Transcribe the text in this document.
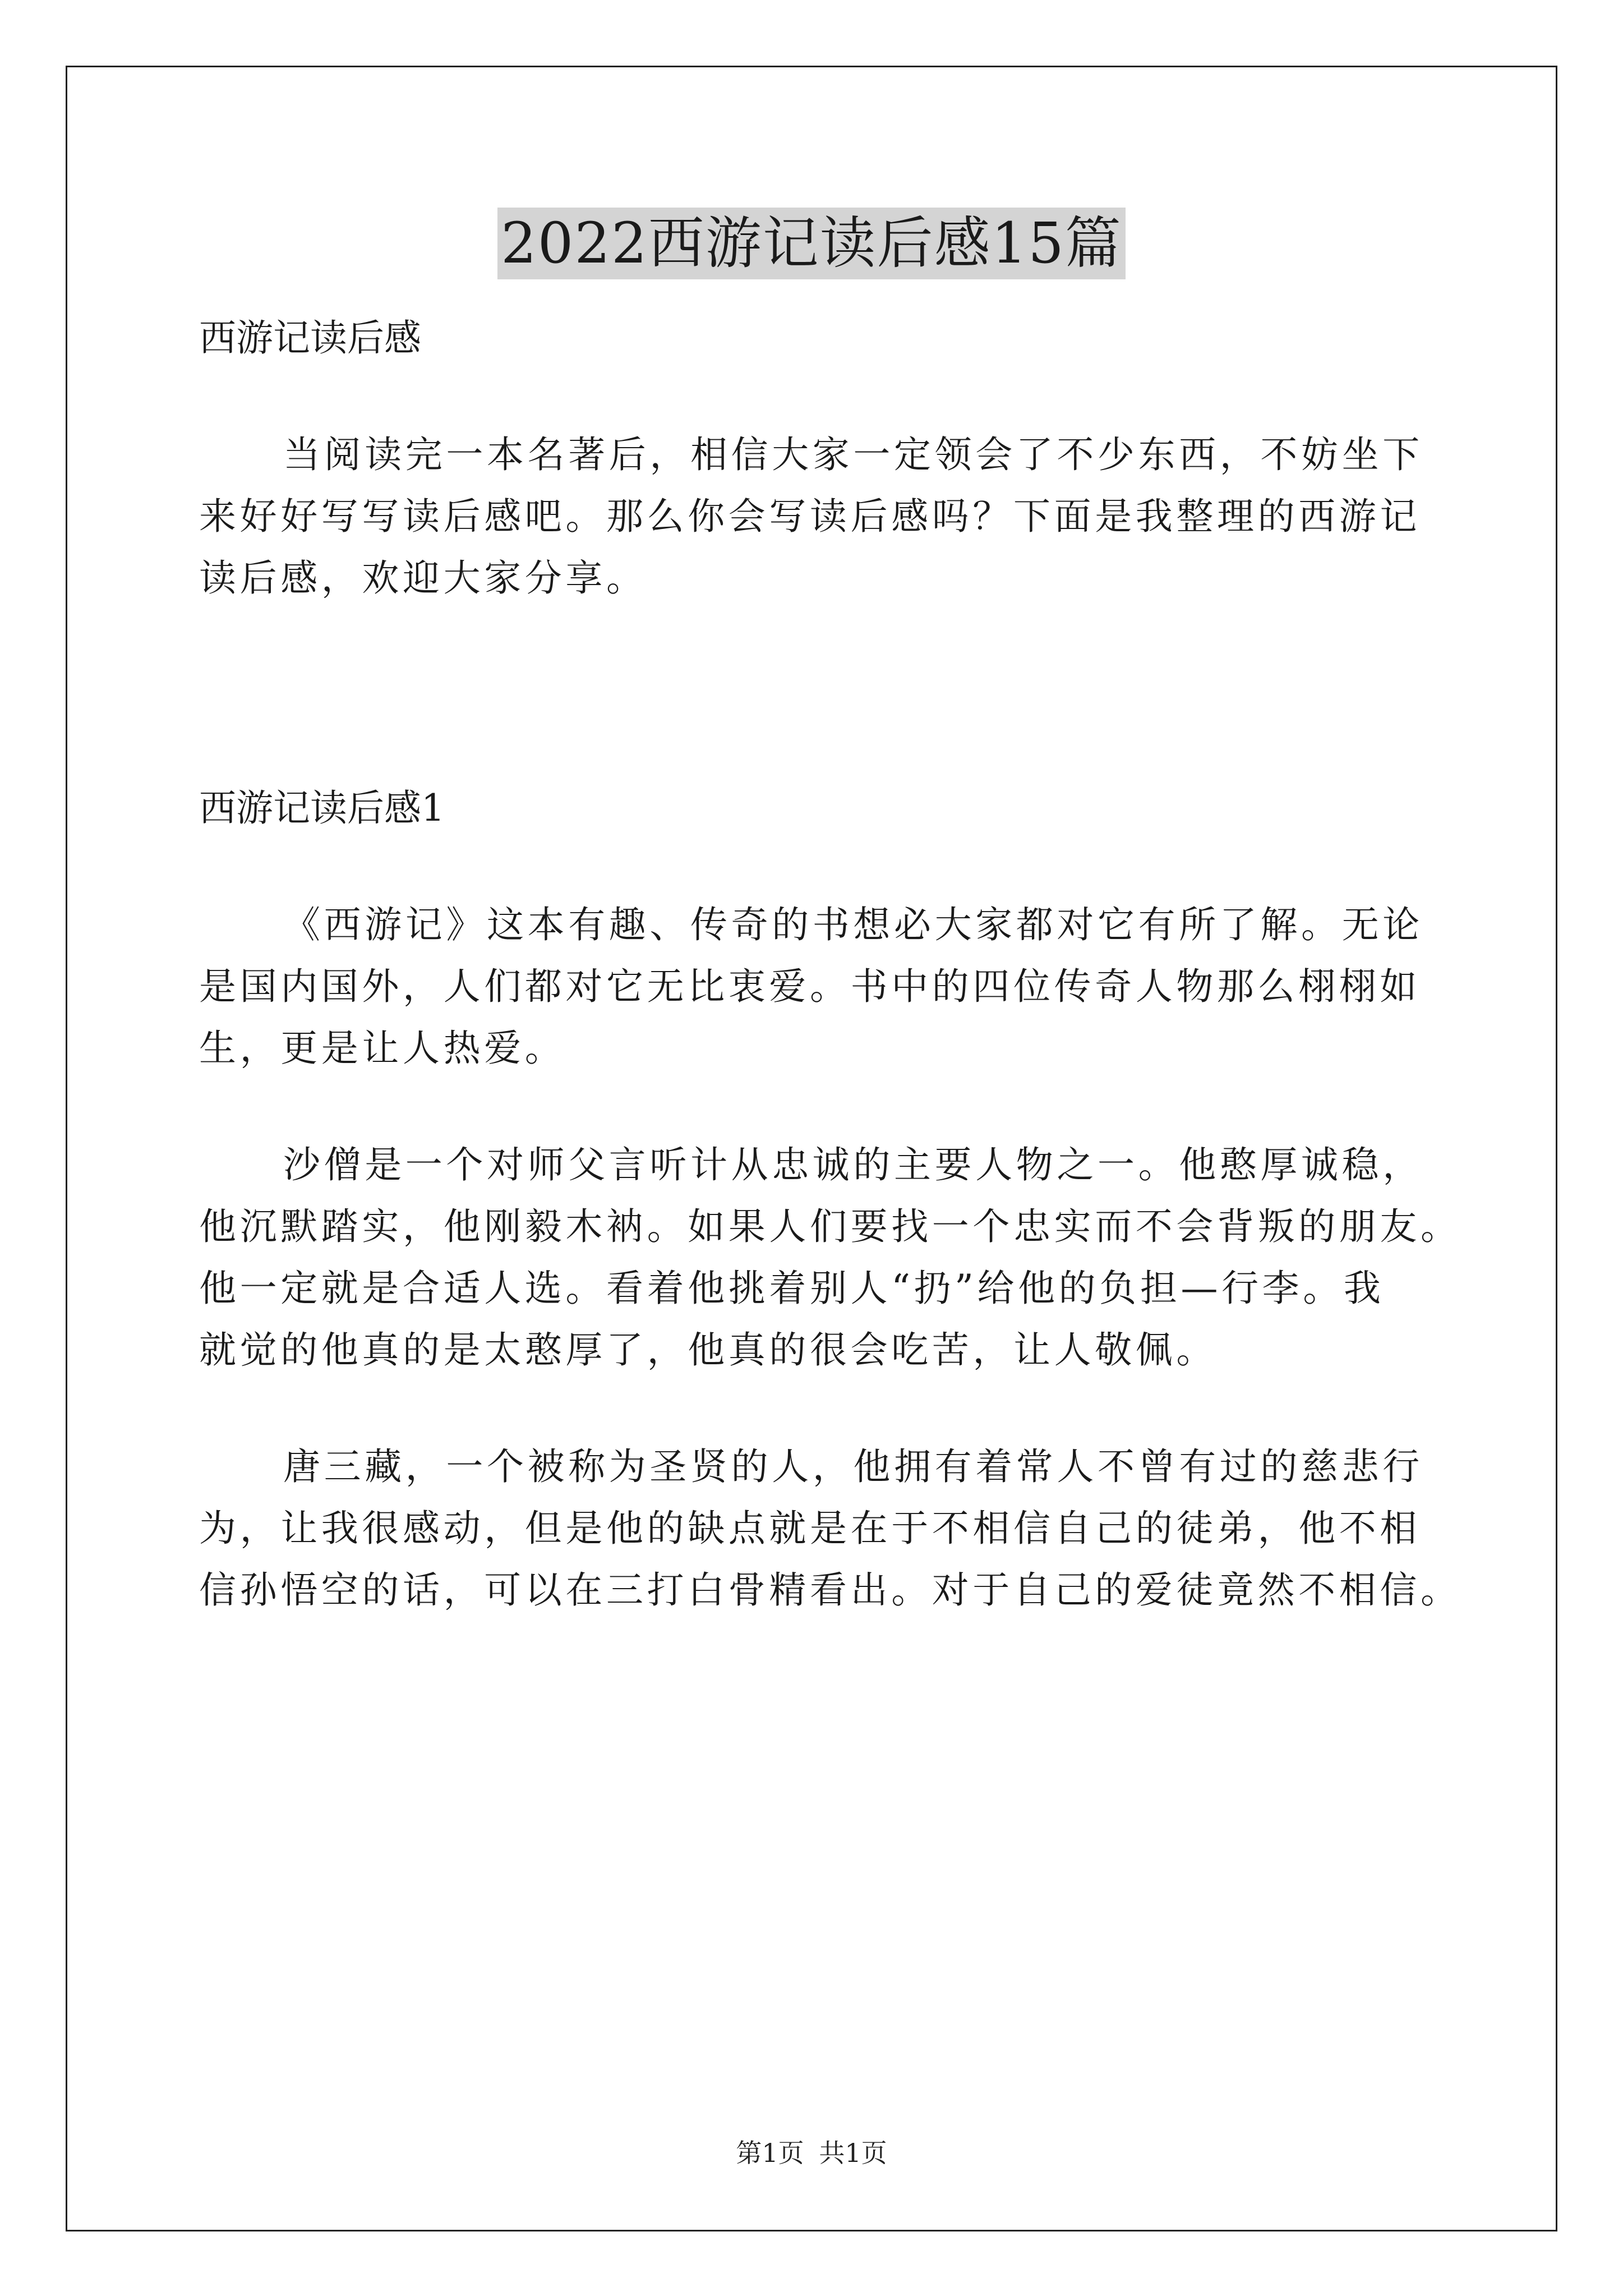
2022西游记读后感15篇
西游记读后感
当阅读完一本名著后，相信大家一定领会了不少东西，不妨坐下
来好好写写读后感吧。那么你会写读后感吗？下面是我整理的西游记
读后感，欢迎大家分享。
西游记读后感1
《西游记》这本有趣、传奇的书想必大家都对它有所了解。无论
是国内国外，人们都对它无比衷爱。书中的四位传奇人物那么栩栩如
生，更是让人热爱。
沙僧是一个对师父言听计从忠诚的主要人物之一。他憨厚诚稳，
他沉默踏实，他刚毅木衲。如果人们要找一个忠实而不会背叛的朋友。
他一定就是合适人选。看着他挑着别人“扔”给他的负担—行李。我
就觉的他真的是太憨厚了，他真的很会吃苦，让人敬佩。
唐三藏，一个被称为圣贤的人，他拥有着常人不曾有过的慈悲行
为，让我很感动，但是他的缺点就是在于不相信自己的徒弟，他不相
信孙悟空的话，可以在三打白骨精看出。对于自己的爱徒竟然不相信。
第1页 共1页
